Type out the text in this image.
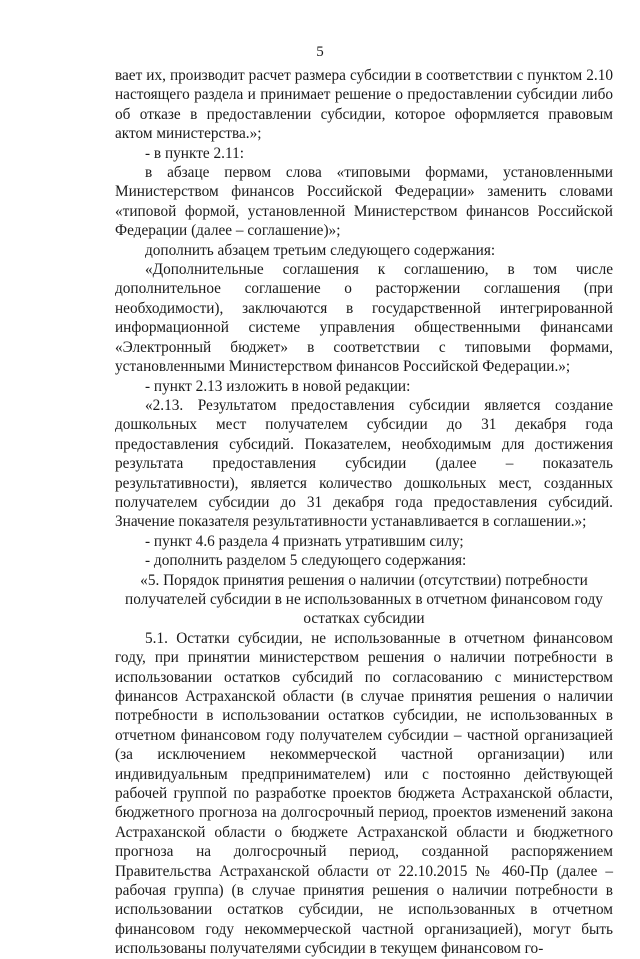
5

вает их, производит расчет размера субсидии в соответствии с пунктом 2.10 настоящего раздела и принимает решение о предоставлении субсидии либо об отказе в предоставлении субсидии, которое оформляется правовым актом министерства.»;

- в пункте 2.11:

в абзаце первом слова «типовыми формами, установленными Министерством финансов Российской Федерации» заменить словами «типовой формой, установленной Министерством финансов Российской Федерации (далее – соглашение)»;

дополнить абзацем третьим следующего содержания:

«Дополнительные соглашения к соглашению, в том числе дополнительное соглашение о расторжении соглашения (при необходимости), заключаются в государственной интегрированной информационной системе управления общественными финансами «Электронный бюджет» в соответствии с типовыми формами, установленными Министерством финансов Российской Федерации.»;

- пункт 2.13 изложить в новой редакции:

«2.13. Результатом предоставления субсидии является создание дошкольных мест получателем субсидии до 31 декабря года предоставления субсидий. Показателем, необходимым для достижения результата предоставления субсидии (далее – показатель результативности), является количество дошкольных мест, созданных получателем субсидии до 31 декабря года предоставления субсидий. Значение показателя результативности устанавливается в соглашении.»;

- пункт 4.6 раздела 4 признать утратившим силу;

- дополнить разделом 5 следующего содержания:

«5. Порядок принятия решения о наличии (отсутствии) потребности

получателей субсидии в не использованных в отчетном финансовом году

остатках субсидии

5.1. Остатки субсидии, не использованные в отчетном финансовом году, при принятии министерством решения о наличии потребности в использовании остатков субсидий по согласованию с министерством финансов Астраханской области (в случае принятия решения о наличии потребности в использовании остатков субсидии, не использованных в отчетном финансовом году получателем субсидии – частной организацией (за исключением некоммерческой частной организации) или индивидуальным предпринимателем) или с постоянно действующей рабочей группой по разработке проектов бюджета Астраханской области, бюджетного прогноза на долгосрочный период, проектов изменений закона Астраханской области о бюджете Астраханской области и бюджетного прогноза на долгосрочный период, созданной распоряжением Правительства Астраханской области от 22.10.2015 № 460-Пр (далее – рабочая группа) (в случае принятия решения о наличии потребности в использовании остатков субсидии, не использованных в отчетном финансовом году некоммерческой частной организацией), могут быть использованы получателями субсидии в текущем финансовом го-
